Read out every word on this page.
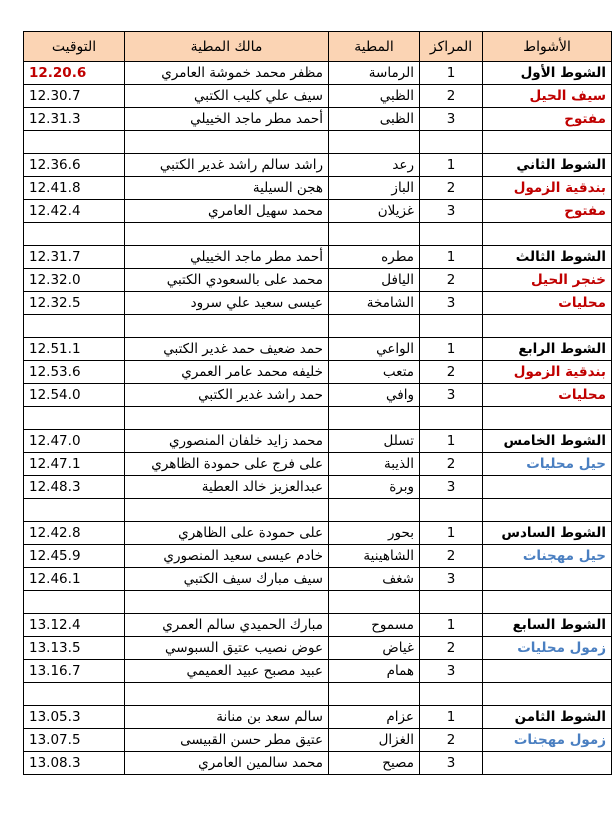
الأشواط	المراكز	المطية	مالك المطية	التوقيت
الشوط الأول	1	الرماسة	مظفر محمد خموشة العامري	12.20.6
سيف الحيل	2	الظبي	سيف علي كليب الكتبي	12.30.7
مفتوح	3	الظبى	أحمد مطر ماجد الخييلي	12.31.3

الشوط الثاني	1	رعد	راشد سالم راشد غدير الكتبي	12.36.6
بندقية الزمول	2	الباز	هجن السيلية	12.41.8
مفتوح	3	غزيلان	محمد سهيل العامري	12.42.4

الشوط الثالث	1	مطره	أحمد مطر ماجد الخييلي	12.31.7
خنجر الحيل	2	اليافل	محمد على بالسعودي الكتبي	12.32.0
محليات	3	الشامخة	عيسى سعيد علي سرود	12.32.5

الشوط الرابع	1	الواعي	حمد ضعيف حمد غدير الكتبي	12.51.1
بندقية الزمول	2	متعب	خليفه محمد عامر العمري	12.53.6
محليات	3	وافي	حمد راشد غدير الكتبي	12.54.0

الشوط الخامس	1	تسلل	محمد زايد خلفان المنصوري	12.47.0
حيل محليات	2	الذيبة	على فرج على حمودة الظاهري	12.47.1
	3	وبرة	عبدالعزيز خالد العطية	12.48.3

الشوط السادس	1	بحور	على حمودة على الظاهري	12.42.8
حيل مهجنات	2	الشاهينية	خادم عيسى سعيد المنصوري	12.45.9
	3	شغف	سيف مبارك سيف الكتبي	12.46.1

الشوط السابع	1	مسموح	مبارك الحميدي سالم العمري	13.12.4
زمول محليات	2	غياض	عوض نصيب عتيق السبوسي	13.13.5
	3	همام	عبيد مصبح عبيد العميمي	13.16.7

الشوط الثامن	1	عزام	سالم سعد بن منانة	13.05.3
زمول مهجنات	2	الغزال	عتيق مطر حسن القبيسى	13.07.5
	3	مصيح	محمد سالمين العامري	13.08.3
